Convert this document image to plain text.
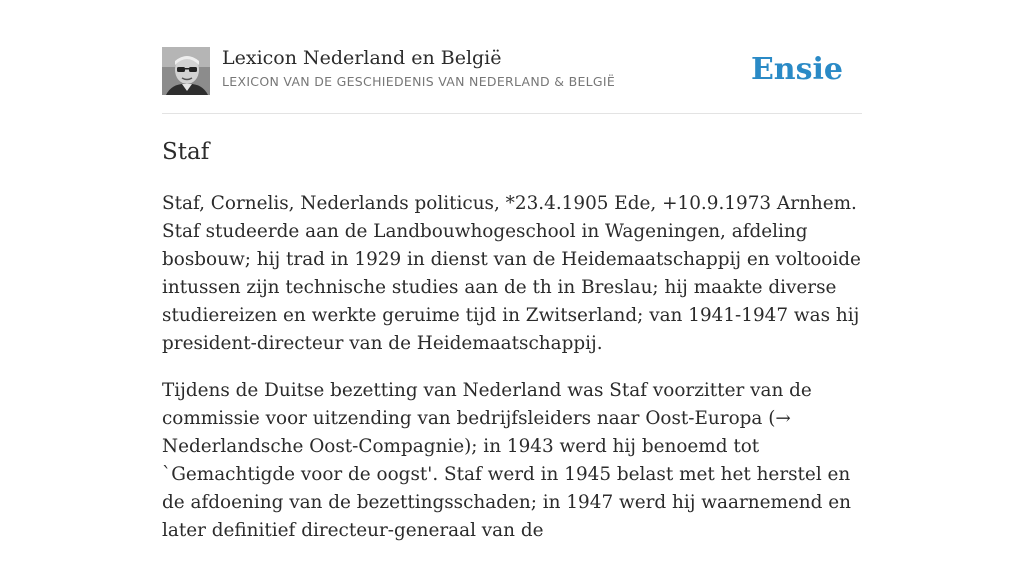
Lexicon Nederland en België
LEXICON VAN DE GESCHIEDENIS VAN NEDERLAND & BELGIË	Ensie
Staf

Staf, Cornelis, Nederlands politicus, *23.4.1905 Ede, +10.9.1973 Arnhem. Staf studeerde aan de Landbouwhogeschool in Wageningen, afdeling bosbouw; hij trad in 1929 in dienst van de Heidemaatschappij en voltooide intussen zijn technische studies aan de th in Breslau; hij maakte diverse studiereizen en werkte geruime tijd in Zwitserland; van 1941-1947 was hij president-directeur van de Heidemaatschappij.

Tijdens de Duitse bezetting van Nederland was Staf voorzitter van de commissie voor uitzending van bedrijfsleiders naar Oost-Europa (→ Nederlandsche Oost-Compagnie); in 1943 werd hij benoemd tot `Gemachtigde voor de oogst'. Staf werd in 1945 belast met het herstel en de afdoening van de bezettingsschaden; in 1947 werd hij waarnemend en later definitief directeur-generaal van de
